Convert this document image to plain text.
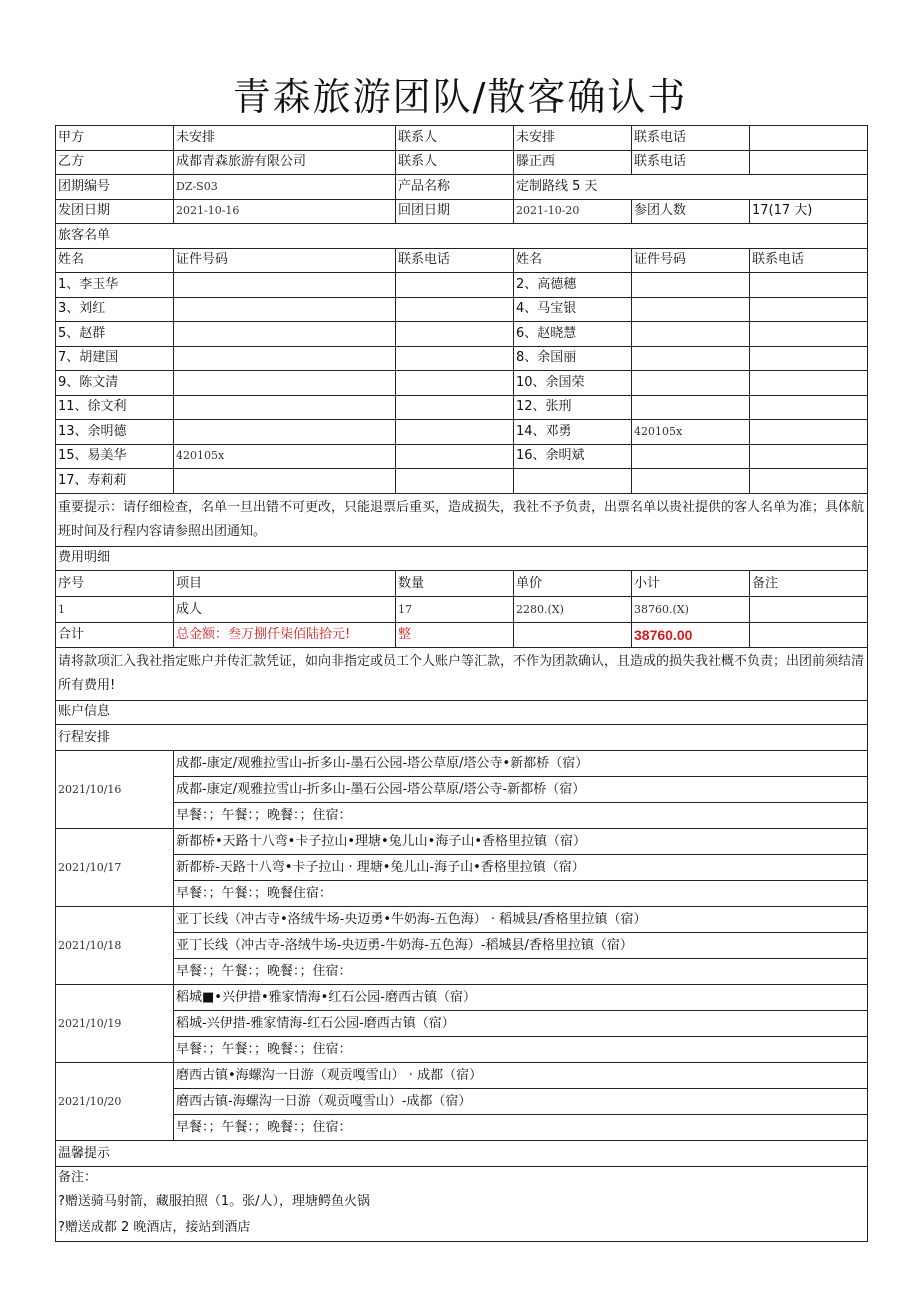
青森旅游团队/散客确认书
甲方	未安排	联系人	未安排	联系电话	
乙方	成都青森旅游有限公司	联系人	滕正西	联系电话	
团期编号	DZ-S03	产品名称	定制路线 5 天		
发团日期	2021-10-16	回团日期	2021-10-20	参团人数	17(17 大)
旅客名单					
姓名	证件号码	联系电话	姓名	证件号码	联系电话
1、李玉华			2、高德穗		
3、刘红			4、马宝银		
5、赵群			6、赵晓慧		
7、胡建国			8、余国丽		
9、陈文清			10、余国荣		
11、徐文利			12、张刑		
13、余明德			14、邓勇	420105x	
15、易美华	420105x		16、余明斌		
17、寿莉莉					
重要提示：请仔细检查，名单一旦出错不可更改，只能退票后重买，造成损失，我社不予负责，出票名单以贵社提供的客人名单为准；具体航班时间及行程内容请参照出团通知。					
费用明细					
序号	项目	数量	单价	小计	备注
1	成人	17	2280.(X)	38760.(X)	
合计	总金额：叁万捌仟柒佰陆拾元!	整		38760.00	
请将款项汇入我社指定账户并传汇款凭证，如向非指定或员工个人账户等汇款，不作为团款确认，且造成的损失我社概不负责；出团前须结清所有费用!					
账户信息					
行程安排					
2021/10/16	成都-康定/观雅拉雪山-折多山-墨石公园-塔公草原/塔公寺•新都桥（宿）				
	成都-康定/观雅拉雪山-折多山-墨石公园-塔公草原/塔公寺-新都桥（宿）				
	早餐：；午餐：；晚餐：；住宿：				
2021/10/17	新都桥•天路十八弯•卡子拉山•理塘•兔儿山•海子山•香格里拉镇（宿）				
	新都桥-天路十八弯•卡子拉山 · 理塘•兔儿山-海子山•香格里拉镇（宿）				
	早餐：；午餐：；晚餐住宿：				
2021/10/18	亚丁长线（冲古寺•洛绒牛场-央迈勇•牛奶海-五色海） · 稻城县/香格里拉镇（宿）				
	亚丁长线（冲古寺-洛绒牛场-央迈勇-牛奶海-五色海）-稻城县/香格里拉镇（宿）				
	早餐：；午餐：；晚餐：；住宿：				
2021/10/19	稻城■•兴伊措•雅家情海•红石公园-磨西古镇（宿）				
	稻城-兴伊措-雅家情海-红石公园-磨西古镇（宿）				
	早餐：；午餐：；晚餐：；住宿：				
2021/10/20	磨西古镇•海螺沟一日游（观贡嘎雪山） · 成都（宿）				
	磨西古镇-海螺沟一日游（观贡嘎雪山）-成都（宿）				
	早餐：；午餐：；晚餐：；住宿：				
温馨提示					
备注：					
?赠送骑马射箭，藏服拍照（1。张/人），理塘鳄鱼火锅					
?赠送成都 2 晚酒店，接站到酒店					
